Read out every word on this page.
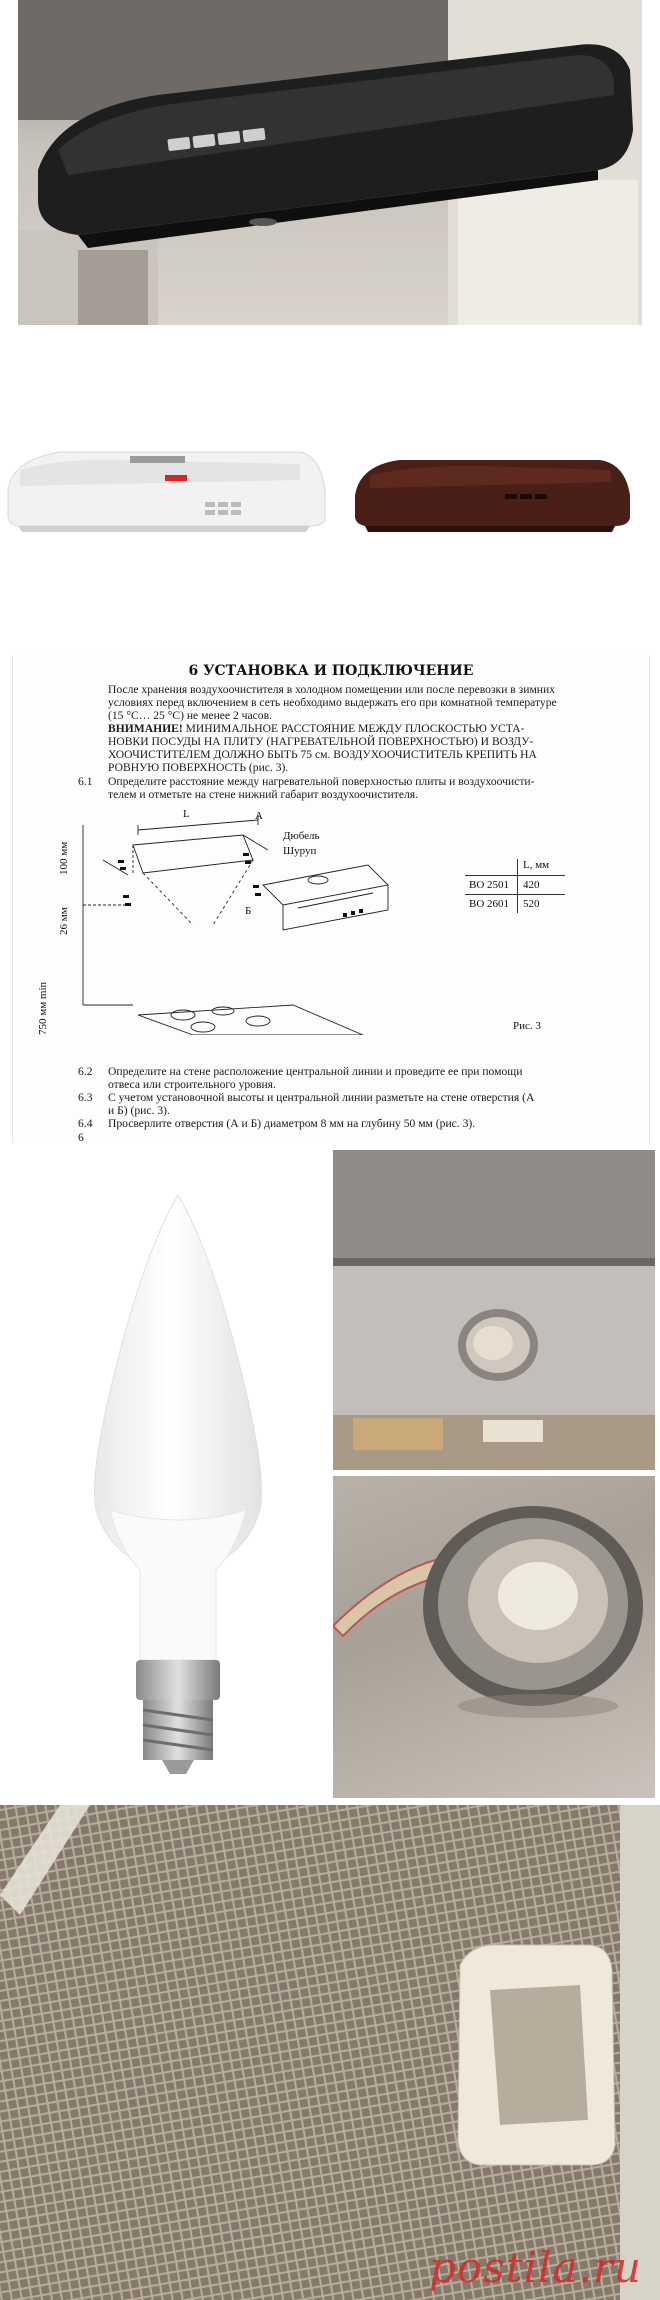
6 УСТАНОВКА И ПОДКЛЮЧЕНИЕ
После хранения воздухоочистителя в холодном помещении или после перевозки в зимних
условиях перед включением в сеть необходимо выдержать его при комнатной температуре
(15 °C… 25 °C) не менее 2 часов.
ВНИМАНИЕ! МИНИМАЛЬНОЕ РАССТОЯНИЕ МЕЖДУ ПЛОСКОСТЬЮ УСТА-
НОВКИ ПОСУДЫ НА ПЛИТУ (НАГРЕВАТЕЛЬНОЙ ПОВЕРХНОСТЬЮ) И ВОЗДУ-
ХООЧИСТИТЕЛЕМ ДОЛЖНО БЫТЬ 75 см. ВОЗДУХООЧИСТИТЕЛЬ КРЕПИТЬ НА
РОВНУЮ ПОВЕРХНОСТЬ (рис. 3).
6.1 Определите расстояние между нагревательной поверхностью плиты и воздухоочисти-
телем и отметьте на стене нижний габарит воздухоочистителя.
L	А
Дюбель
Шуруп
Б
100 мм
26 мм
750 мм min
L, мм
ВО 2501 420
ВО 2601 520
Рис. 3
6.2 Определите на стене расположение центральной линии и проведите ее при помощи
отвеса или строительного уровня.
6.3 С учетом установочной высоты и центральной линии разметьте на стене отверстия (А
и Б) (рис. 3).
6.4 Просверлите отверстия (А и Б) диаметром 8 мм на глубину 50 мм (рис. 3).
6
postila.ru
